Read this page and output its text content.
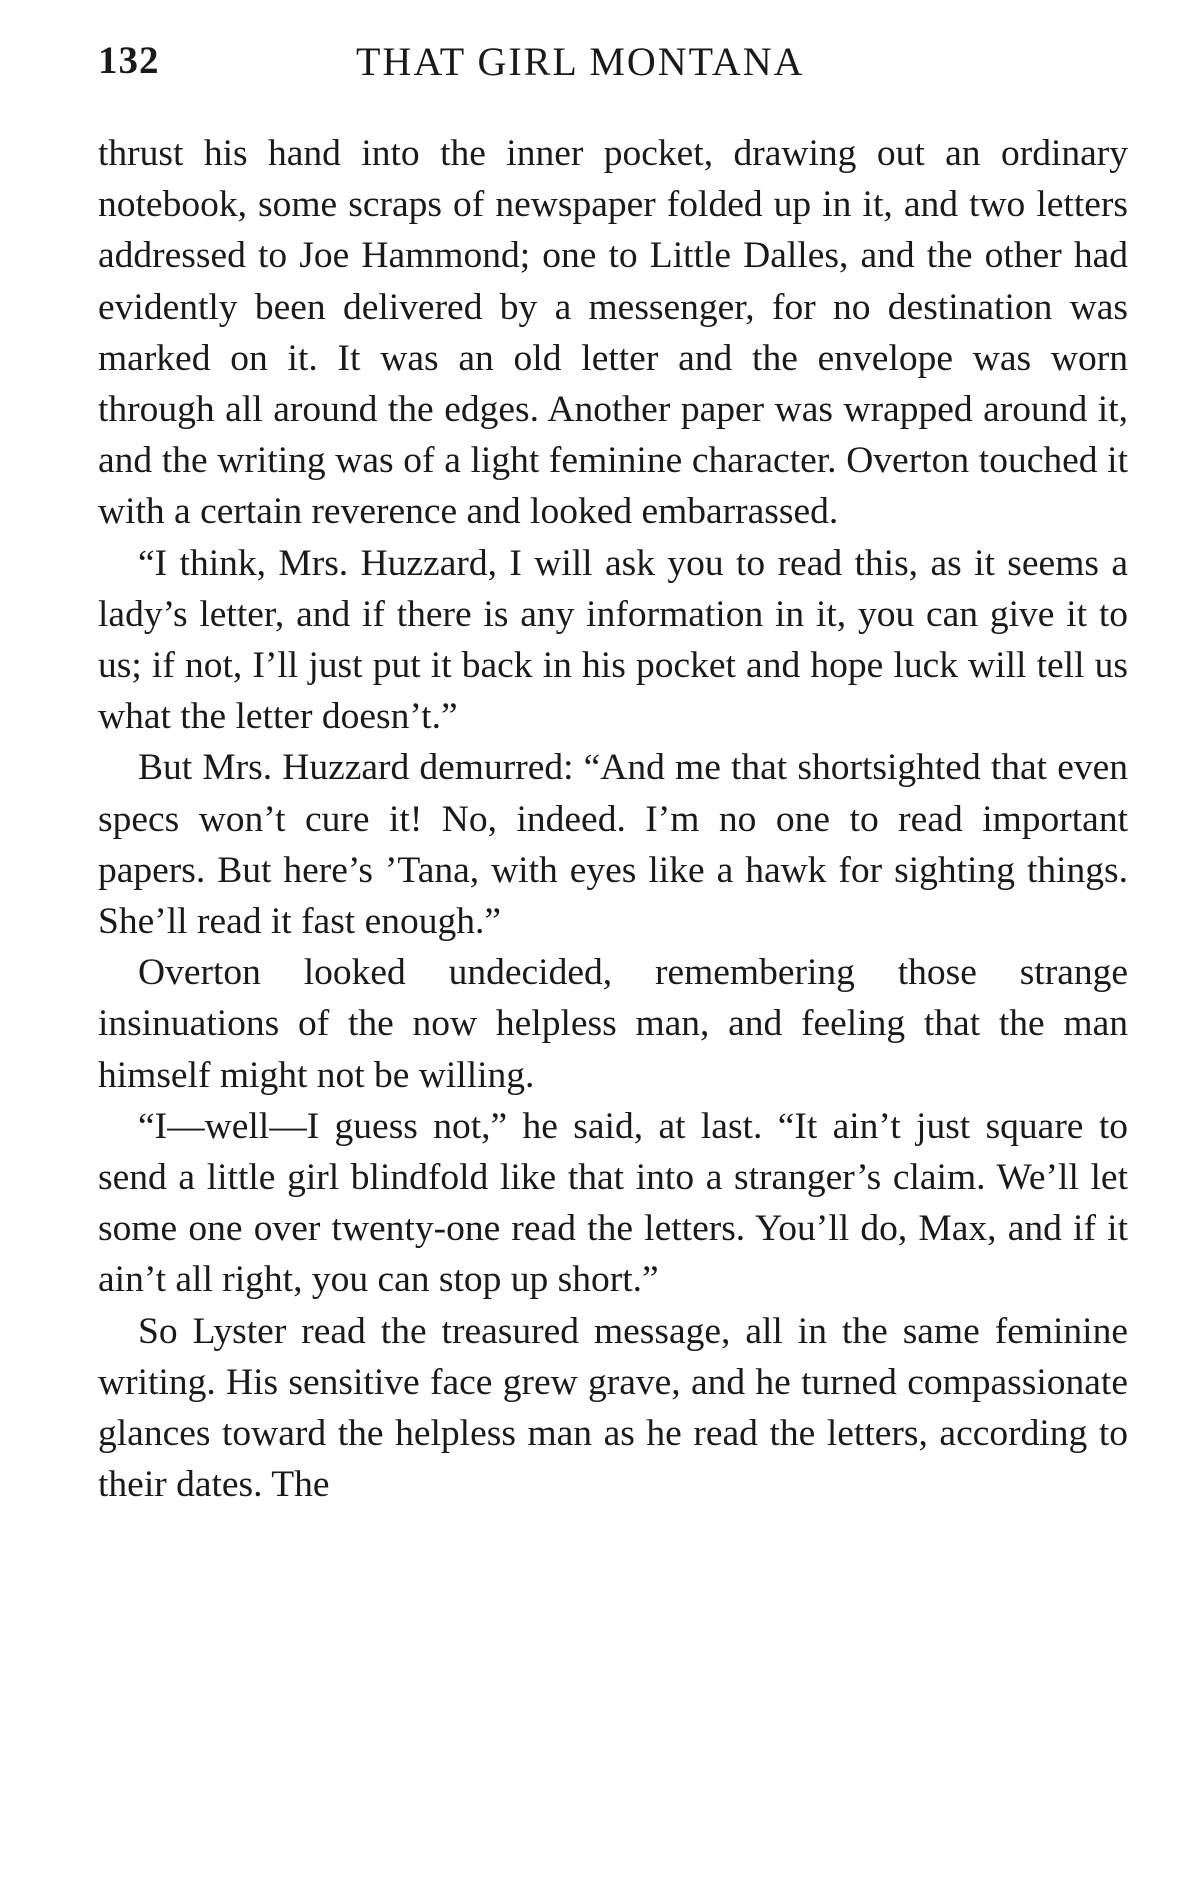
132	THAT GIRL MONTANA

thrust his hand into the inner pocket, drawing out an ordinary notebook, some scraps of newspaper folded up in it, and two letters addressed to Joe Hammond; one to Little Dalles, and the other had evidently been delivered by a messenger, for no destination was marked on it. It was an old letter and the envelope was worn through all around the edges. Another paper was wrapped around it, and the writing was of a light feminine character. Overton touched it with a certain reverence and looked embarrassed.

“I think, Mrs. Huzzard, I will ask you to read this, as it seems a lady’s letter, and if there is any information in it, you can give it to us; if not, I’ll just put it back in his pocket and hope luck will tell us what the letter doesn’t.”

But Mrs. Huzzard demurred: “And me that shortsighted that even specs won’t cure it! No, indeed. I’m no one to read important papers. But here’s ’Tana, with eyes like a hawk for sighting things. She’ll read it fast enough.”

Overton looked undecided, remembering those strange insinuations of the now helpless man, and feeling that the man himself might not be willing.

“I—well—I guess not,” he said, at last. “It ain’t just square to send a little girl blindfold like that into a stranger’s claim. We’ll let some one over twenty-one read the letters. You’ll do, Max, and if it ain’t all right, you can stop up short.”

So Lyster read the treasured message, all in the same feminine writing. His sensitive face grew grave, and he turned compassionate glances toward the helpless man as he read the letters, according to their dates. The
